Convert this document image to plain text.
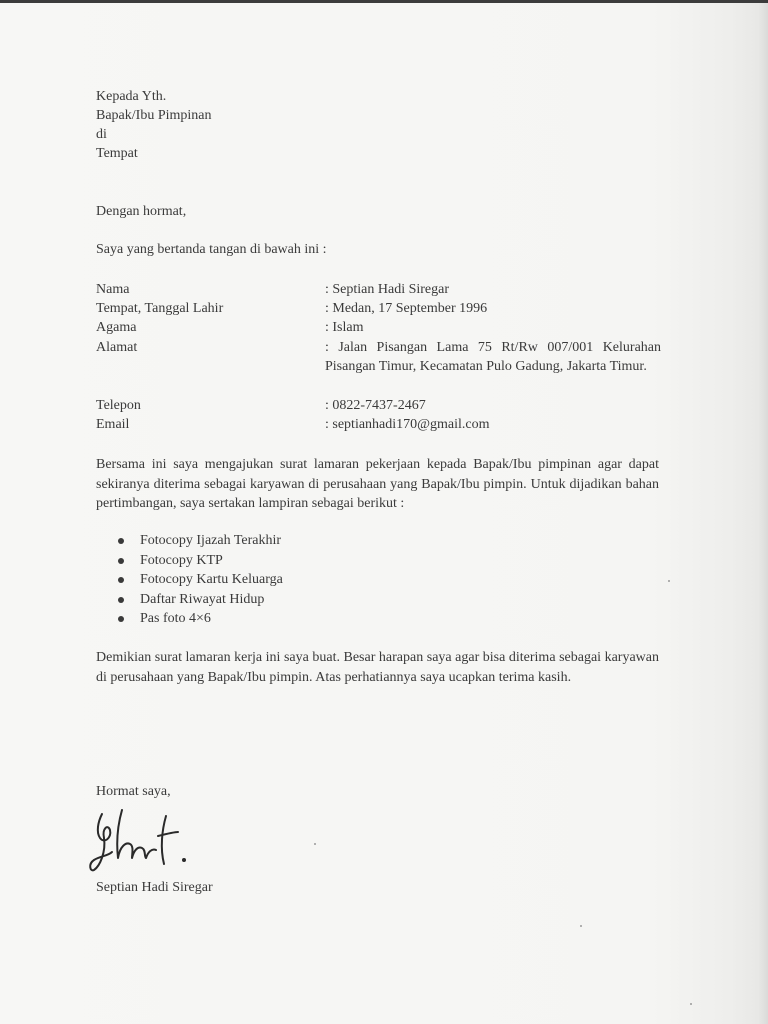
Kepada Yth.
Bapak/Ibu Pimpinan
di
Tempat
Dengan hormat,
Saya yang bertanda tangan di bawah ini :
Nama	: Septian Hadi Siregar
Tempat, Tanggal Lahir	: Medan, 17 September 1996
Agama	: Islam
Alamat	: Jalan Pisangan Lama 75 Rt/Rw 007/001 Kelurahan Pisangan Timur, Kecamatan Pulo Gadung, Jakarta Timur.
Telepon	: 0822-7437-2467
Email	: septianhadi170@gmail.com
Bersama ini saya mengajukan surat lamaran pekerjaan kepada Bapak/Ibu pimpinan agar dapat sekiranya diterima sebagai karyawan di perusahaan yang Bapak/Ibu pimpin. Untuk dijadikan bahan pertimbangan, saya sertakan lampiran sebagai berikut :
Fotocopy Ijazah Terakhir
Fotocopy KTP
Fotocopy Kartu Keluarga
Daftar Riwayat Hidup
Pas foto 4×6
Demikian surat lamaran kerja ini saya buat. Besar harapan saya agar bisa diterima sebagai karyawan di perusahaan yang Bapak/Ibu pimpin. Atas perhatiannya saya ucapkan terima kasih.
Hormat saya,
Septian Hadi Siregar
